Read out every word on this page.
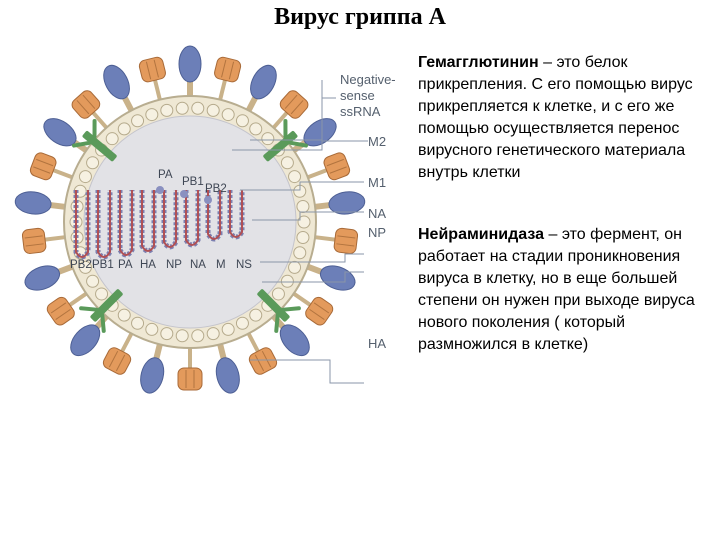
Вирус гриппа А
PA
PB1
PB2
PB2 PB1 PA HA NP NA M NS
Negative-
sense
ssRNA
M2
M1
NA
NP
HA
Гемагглютинин – это белок прикрепления. С его помощью вирус прикрепляется к клетке, и с его же помощью осуществляется перенос вирусного генетического материала внутрь клетки
Нейраминидаза – это фермент, он работает на стадии проникновения вируса в клетку, но в еще большей степени он нужен при выходе вируса нового поколения ( который размножился в клетке)
